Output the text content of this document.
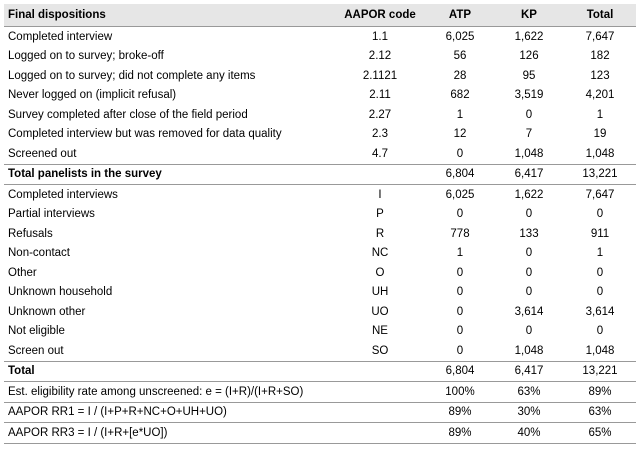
Final dispositions	AAPOR code	ATP	KP	Total
Completed interview	1.1	6,025	1,622	7,647
Logged on to survey; broke-off	2.12	56	126	182
Logged on to survey; did not complete any items	2.1121	28	95	123
Never logged on (implicit refusal)	2.11	682	3,519	4,201
Survey completed after close of the field period	2.27	1	0	1
Completed interview but was removed for data quality	2.3	12	7	19
Screened out	4.7	0	1,048	1,048
Total panelists in the survey		6,804	6,417	13,221
Completed interviews	I	6,025	1,622	7,647
Partial interviews	P	0	0	0
Refusals	R	778	133	911
Non-contact	NC	1	0	1
Other	O	0	0	0
Unknown household	UH	0	0	0
Unknown other	UO	0	3,614	3,614
Not eligible	NE	0	0	0
Screen out	SO	0	1,048	1,048
Total		6,804	6,417	13,221
Est. eligibility rate among unscreened: e = (I+R)/(I+R+SO)		100%	63%	89%
AAPOR RR1 = I / (I+P+R+NC+O+UH+UO)		89%	30%	63%
AAPOR RR3 = I / (I+R+[e*UO])		89%	40%	65%
